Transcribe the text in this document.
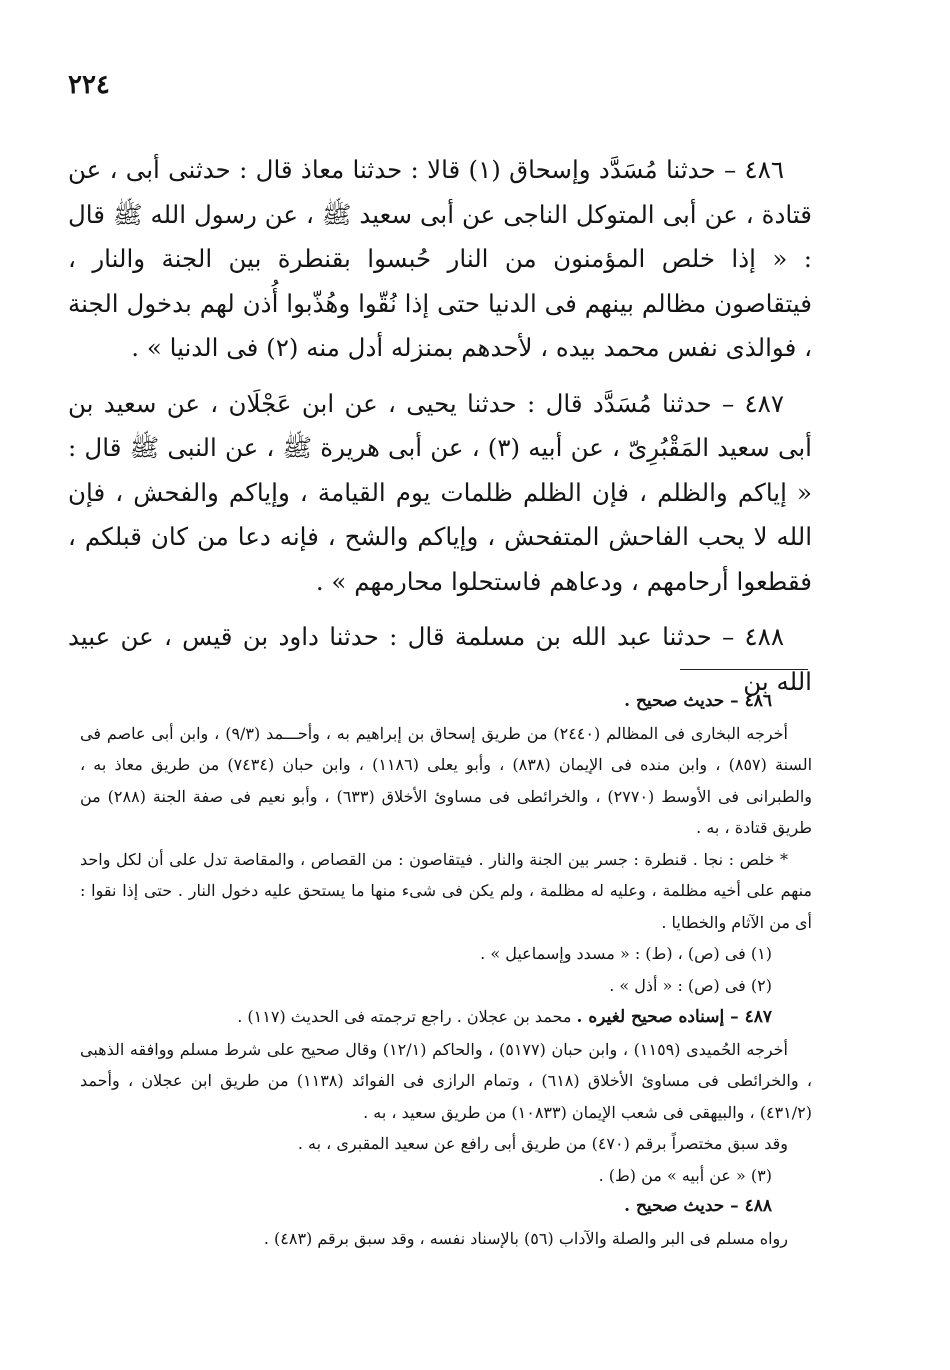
٢٢٤

٤٨٦ – حدثنا مُسَدَّد وإسحاق (١) قالا : حدثنا معاذ قال : حدثنى أبى ، عن قتادة ، عن أبى المتوكل الناجى عن أبى سعيد ﷺ ، عن رسول الله ﷺ قال : « إذا خلص المؤمنون من النار حُبسوا بقنطرة بين الجنة والنار ، فيتقاصون مظالم بينهم فى الدنيا حتى إذا نُقّوا وهُذّبوا أُذن لهم بدخول الجنة ، فوالذى نفس محمد بيده ، لأحدهم بمنزله أدل منه (٢) فى الدنيا » .

٤٨٧ – حدثنا مُسَدَّد قال : حدثنا يحيى ، عن ابن عَجْلَان ، عن سعيد بن أبى سعيد المَقْبُرِىّ ، عن أبيه (٣) ، عن أبى هريرة ﷺ ، عن النبى ﷺ قال : « إياكم والظلم ، فإن الظلم ظلمات يوم القيامة ، وإياكم والفحش ، فإن الله لا يحب الفاحش المتفحش ، وإياكم والشح ، فإنه دعا من كان قبلكم ، فقطعوا أرحامهم ، ودعاهم فاستحلوا محارمهم » .

٤٨٨ – حدثنا عبد الله بن مسلمة قال : حدثنا داود بن قيس ، عن عبيد الله بن

٤٨٦ – حديث صحيح .

أخرجه البخارى فى المظالم (٢٤٤٠) من طريق إسحاق بن إبراهيم به ، وأحـــمد (٩/٣) ، وابن أبى عاصم فى السنة (٨٥٧) ، وابن منده فى الإيمان (٨٣٨) ، وأبو يعلى (١١٨٦) ، وابن حبان (٧٤٣٤) من طريق معاذ به ، والطبرانى فى الأوسط (٢٧٧٠) ، والخرائطى فى مساوئ الأخلاق (٦٣٣) ، وأبو نعيم فى صفة الجنة (٢٨٨) من طريق قتادة ، به .

* خلص : نجا . قنطرة : جسر بين الجنة والنار . فيتقاصون : من القصاص ، والمقاصة تدل على أن لكل واحد منهم على أخيه مظلمة ، وعليه له مظلمة ، ولم يكن فى شىء منها ما يستحق عليه دخول النار . حتى إذا نقوا : أى من الآثام والخطايا .

(١) فى (ص) ، (ط) : « مسدد وإسماعيل » .

(٢) فى (ص) : « أذل » .

٤٨٧ – إسناده صحيح لغيره . محمد بن عجلان . راجع ترجمته فى الحديث (١١٧) .

أخرجه الحُميدى (١١٥٩) ، وابن حبان (٥١٧٧) ، والحاكم (١٢/١) وقال صحيح على شرط مسلم ووافقه الذهبى ، والخرائطى فى مساوئ الأخلاق (٦١٨) ، وتمام الرازى فى الفوائد (١١٣٨) من طريق ابن عجلان ، وأحمد (٤٣١/٢) ، والبيهقى فى شعب الإيمان (١٠٨٣٣) من طريق سعيد ، به .

وقد سبق مختصراً برقم (٤٧٠) من طريق أبى رافع عن سعيد المقبرى ، به .

(٣) « عن أبيه » من (ط) .

٤٨٨ – حديث صحيح .

رواه مسلم فى البر والصلة والآداب (٥٦) بالإسناد نفسه ، وقد سبق برقم (٤٨٣) .
